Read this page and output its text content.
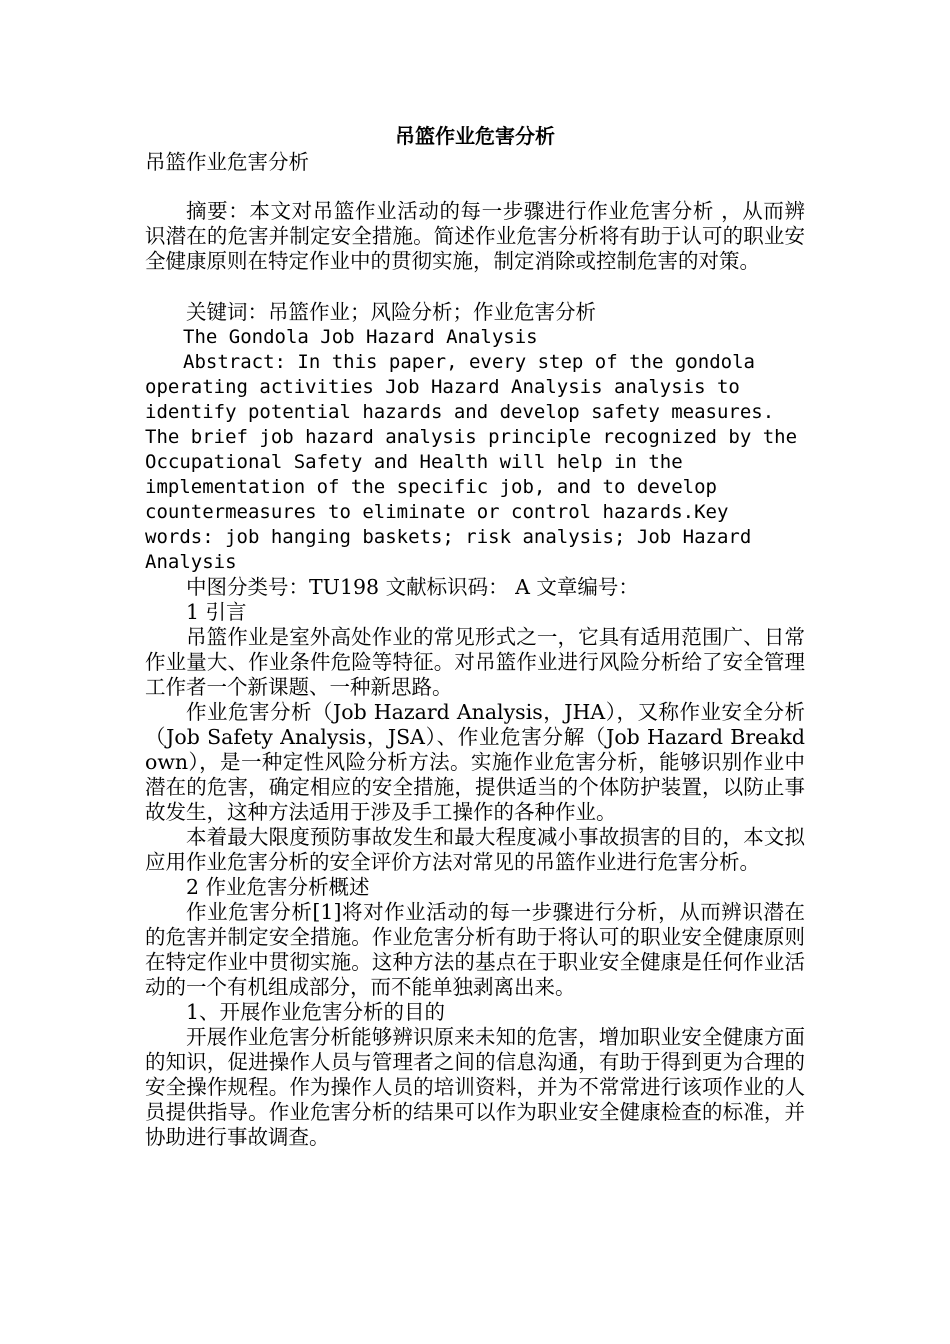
吊篮作业危害分析
吊篮作业危害分析

摘要：本文对吊篮作业活动的每一步骤进行作业危害分析 ，从而辨识潜在的危害并制定安全措施。简述作业危害分析将有助于认可的职业安全健康原则在特定作业中的贯彻实施，制定消除或控制危害的对策。

关键词：吊篮作业；风险分析；作业危害分析

The Gondola Job Hazard Analysis

Abstract: In this paper, every step of the gondola operating activities Job Hazard Analysis analysis to identify potential hazards and develop safety measures. The brief job hazard analysis principle recognized by the Occupational Safety and Health will help in the implementation of the specific job, and to develop countermeasures to eliminate or control hazards.Key words: job hanging baskets; risk analysis; Job Hazard Analysis

中图分类号：TU198 文献标识码： A 文章编号：

1 引言

吊篮作业是室外高处作业的常见形式之一，它具有适用范围广、日常作业量大、作业条件危险等特征。对吊篮作业进行风险分析给了安全管理工作者一个新课题、一种新思路。

作业危害分析（Job Hazard Analysis，JHA），又称作业安全分析（Job Safety Analysis，JSA）、作业危害分解（Job Hazard Breakdown），是一种定性风险分析方法。实施作业危害分析，能够识别作业中潜在的危害，确定相应的安全措施，提供适当的个体防护装置，以防止事故发生，这种方法适用于涉及手工操作的各种作业。

本着最大限度预防事故发生和最大程度减小事故损害的目的，本文拟应用作业危害分析的安全评价方法对常见的吊篮作业进行危害分析。

2 作业危害分析概述

作业危害分析[1]将对作业活动的每一步骤进行分析，从而辨识潜在的危害并制定安全措施。作业危害分析有助于将认可的职业安全健康原则在特定作业中贯彻实施。这种方法的基点在于职业安全健康是任何作业活动的一个有机组成部分，而不能单独剥离出来。

1、开展作业危害分析的目的

开展作业危害分析能够辨识原来未知的危害，增加职业安全健康方面的知识，促进操作人员与管理者之间的信息沟通，有助于得到更为合理的安全操作规程。作为操作人员的培训资料，并为不常常进行该项作业的人员提供指导。作业危害分析的结果可以作为职业安全健康检查的标准，并协助进行事故调查。
